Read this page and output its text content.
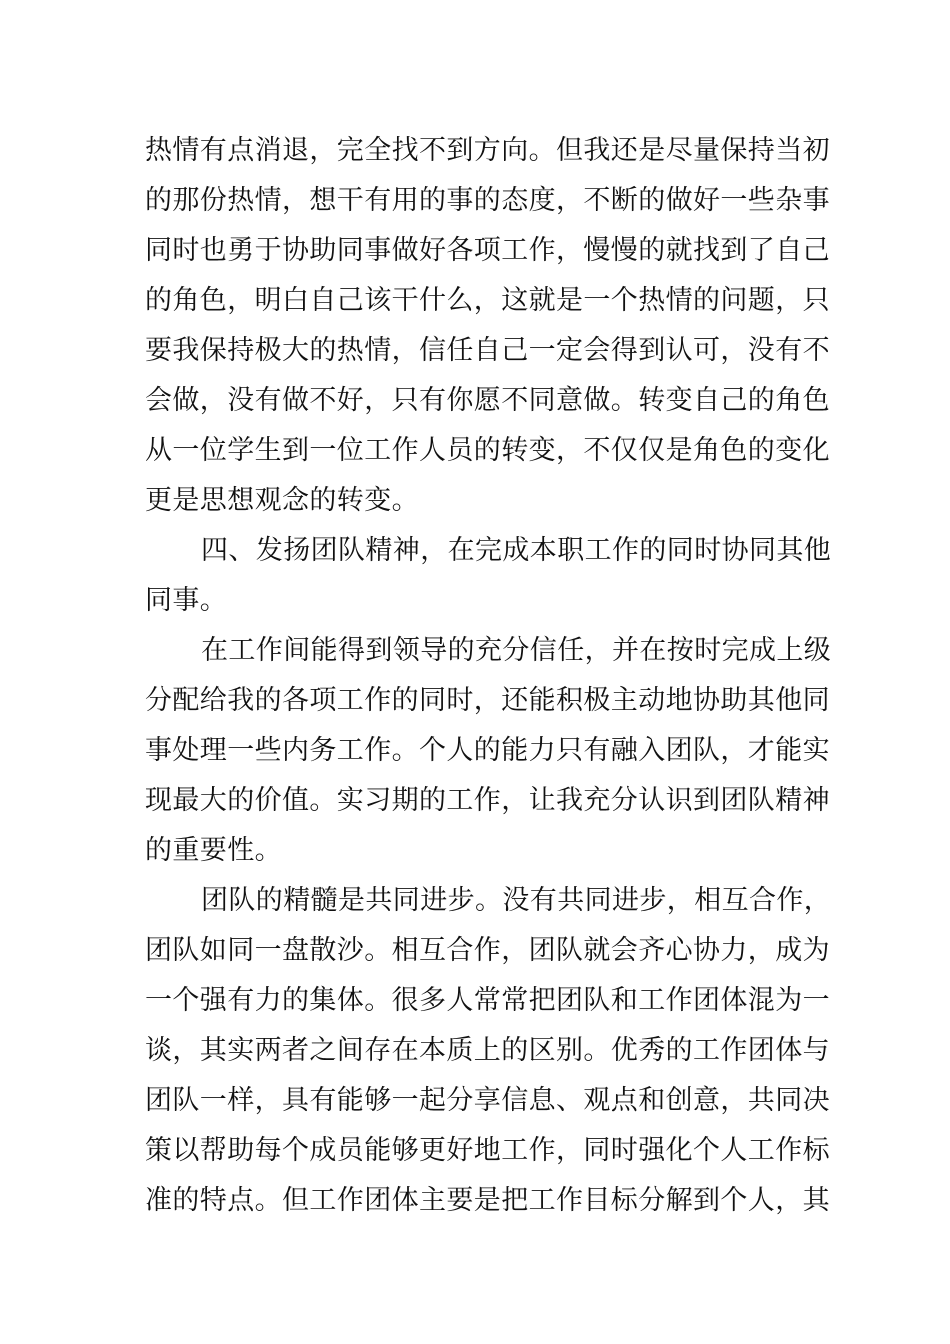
热情有点消退，完全找不到方向。但我还是尽量保持当初
的那份热情，想干有用的事的态度，不断的做好一些杂事
同时也勇于协助同事做好各项工作，慢慢的就找到了自己
的角色，明白自己该干什么，这就是一个热情的问题，只
要我保持极大的热情，信任自己一定会得到认可，没有不
会做，没有做不好，只有你愿不同意做。转变自己的角色
从一位学生到一位工作人员的转变，不仅仅是角色的变化
更是思想观念的转变。
四、发扬团队精神，在完成本职工作的同时协同其他
同事。
在工作间能得到领导的充分信任，并在按时完成上级
分配给我的各项工作的同时，还能积极主动地协助其他同
事处理一些内务工作。个人的能力只有融入团队，才能实
现最大的价值。实习期的工作，让我充分认识到团队精神
的重要性。
团队的精髓是共同进步。没有共同进步，相互合作，
团队如同一盘散沙。相互合作，团队就会齐心协力，成为
一个强有力的集体。很多人常常把团队和工作团体混为一
谈，其实两者之间存在本质上的区别。优秀的工作团体与
团队一样，具有能够一起分享信息、观点和创意，共同决
策以帮助每个成员能够更好地工作，同时强化个人工作标
准的特点。但工作团体主要是把工作目标分解到个人，其
